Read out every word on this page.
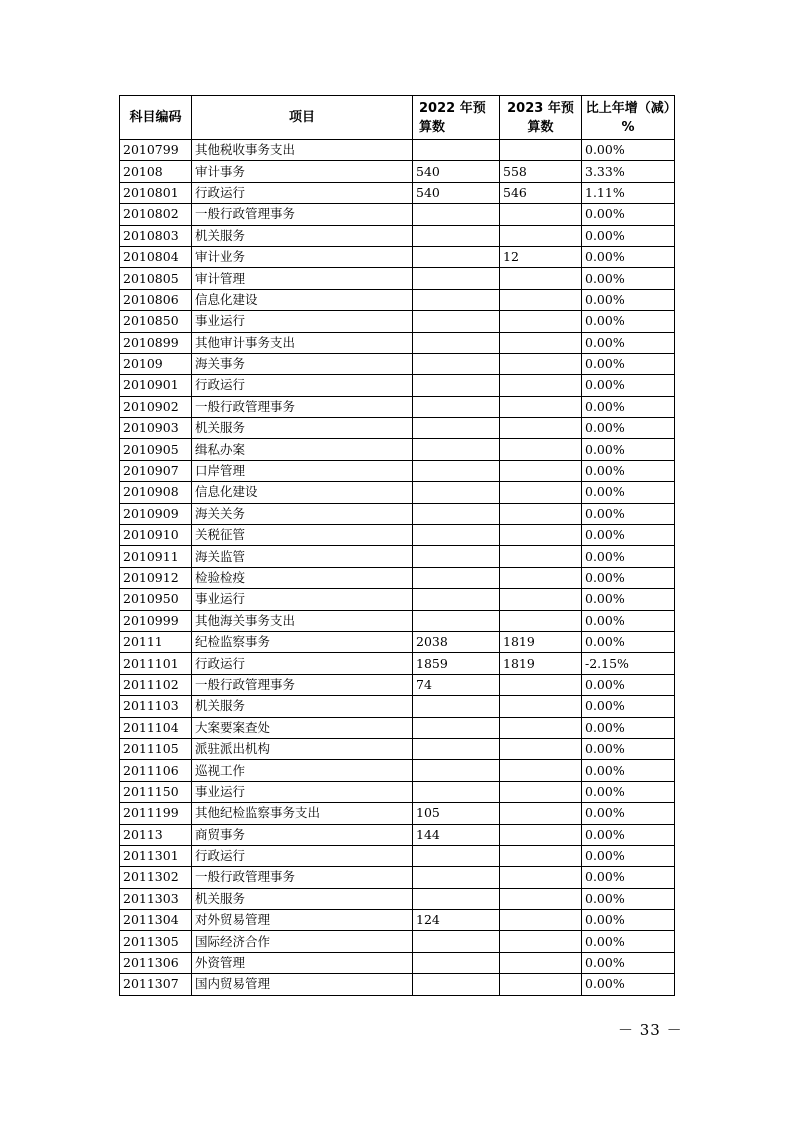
科目编码	项目	2022 年预算数	2023 年预算数	比上年增（减）%
2010799	其他税收事务支出			0.00%
20108	审计事务	540	558	3.33%
2010801	行政运行	540	546	1.11%
2010802	一般行政管理事务			0.00%
2010803	机关服务			0.00%
2010804	审计业务		12	0.00%
2010805	审计管理			0.00%
2010806	信息化建设			0.00%
2010850	事业运行			0.00%
2010899	其他审计事务支出			0.00%
20109	海关事务			0.00%
2010901	行政运行			0.00%
2010902	一般行政管理事务			0.00%
2010903	机关服务			0.00%
2010905	缉私办案			0.00%
2010907	口岸管理			0.00%
2010908	信息化建设			0.00%
2010909	海关关务			0.00%
2010910	关税征管			0.00%
2010911	海关监管			0.00%
2010912	检验检疫			0.00%
2010950	事业运行			0.00%
2010999	其他海关事务支出			0.00%
20111	纪检监察事务	2038	1819	0.00%
2011101	行政运行	1859	1819	-2.15%
2011102	一般行政管理事务	74		0.00%
2011103	机关服务			0.00%
2011104	大案要案查处			0.00%
2011105	派驻派出机构			0.00%
2011106	巡视工作			0.00%
2011150	事业运行			0.00%
2011199	其他纪检监察事务支出	105		0.00%
20113	商贸事务	144		0.00%
2011301	行政运行			0.00%
2011302	一般行政管理事务			0.00%
2011303	机关服务			0.00%
2011304	对外贸易管理	124		0.00%
2011305	国际经济合作			0.00%
2011306	外资管理			0.00%
2011307	国内贸易管理			0.00%
－ 33 －
